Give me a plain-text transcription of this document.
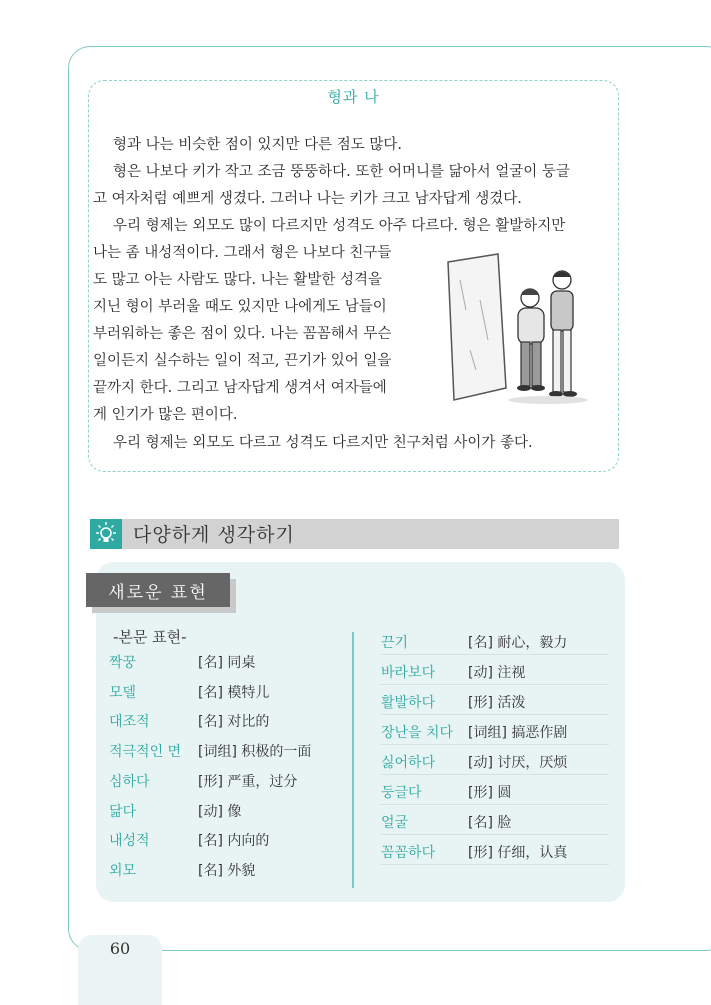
형과 나
형과 나는 비슷한 점이 있지만 다른 점도 많다.
형은 나보다 키가 작고 조금 뚱뚱하다. 또한 어머니를 닮아서 얼굴이 둥글
고 여자처럼 예쁘게 생겼다. 그러나 나는 키가 크고 남자답게 생겼다.
우리 형제는 외모도 많이 다르지만 성격도 아주 다르다. 형은 활발하지만
나는 좀 내성적이다. 그래서 형은 나보다 친구들
도 많고 아는 사람도 많다. 나는 활발한 성격을
지닌 형이 부러울 때도 있지만 나에게도 남들이
부러워하는 좋은 점이 있다. 나는 꼼꼼해서 무슨
일이든지 실수하는 일이 적고, 끈기가 있어 일을
끝까지 한다. 그리고 남자답게 생겨서 여자들에
게 인기가 많은 편이다.
우리 형제는 외모도 다르고 성격도 다르지만 친구처럼 사이가 좋다.
다양하게 생각하기
새로운 표현
-본문 표현-
짝꿍	[名] 同桌
모델	[名] 模特儿
대조적	[名] 对比的
적극적인 면 [词组] 积极的一面
심하다	[形] 严重，过分
닮다	[动] 像
내성적	[名] 内向的
외모	[名] 外貌
끈기	[名] 耐心，毅力
바라보다 [动] 注视
활발하다 [形] 活泼
장난을 치다 [词组] 搞恶作剧
싫어하다 [动] 讨厌，厌烦
둥글다	[形] 圆
얼굴	[名] 脸
꼼꼼하다 [形] 仔细，认真
60
